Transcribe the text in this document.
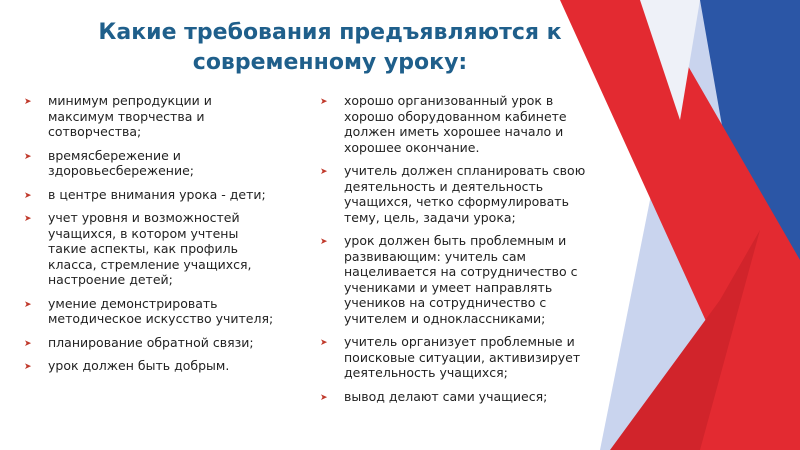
Какие требования предъявляются к
современному уроку:
➤ минимум репродукции и
максимум творчества и
сотворчества;
➤ времясбережение и
здоровьесбережение;
➤ в центре внимания урока - дети;
➤ учет уровня и возможностей
учащихся, в котором учтены
такие аспекты, как профиль
класса, стремление учащихся,
настроение детей;
➤ умение демонстрировать
методическое искусство учителя;
➤ планирование обратной связи;
➤ урок должен быть добрым.
➤ хорошо организованный урок в
хорошо оборудованном кабинете
должен иметь хорошее начало и
хорошее окончание.
➤ учитель должен спланировать свою
деятельность и деятельность
учащихся, четко сформулировать
тему, цель, задачи урока;
➤ урок должен быть проблемным и
развивающим: учитель сам
нацеливается на сотрудничество с
учениками и умеет направлять
учеников на сотрудничество с
учителем и одноклассниками;
➤ учитель организует проблемные и
поисковые ситуации, активизирует
деятельность учащихся;
➤ вывод делают сами учащиеся;
